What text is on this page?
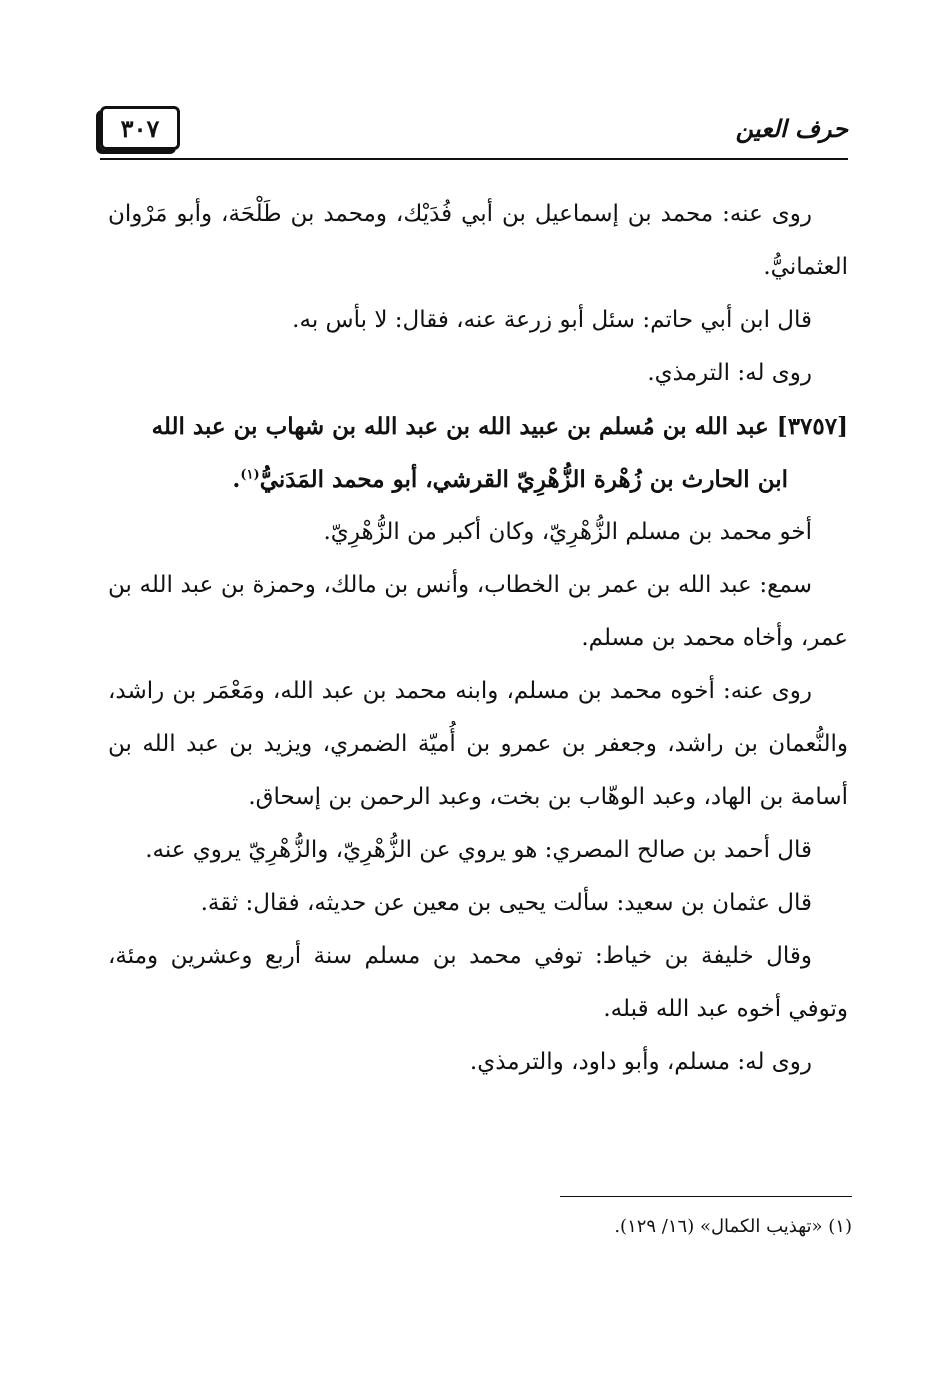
٣٠٧	حرف العين

روى عنه: محمد بن إسماعيل بن أبي فُدَيْك، ومحمد بن طَلْحَة، وأبو مَرْوان العثمانيُّ.

قال ابن أبي حاتم: سئل أبو زرعة عنه، فقال: لا بأس به.

روى له: الترمذي.

[٣٧٥٧] عبد الله بن مُسلم بن عبيد الله بن عبد الله بن شهاب بن عبد الله
ابن الحارث بن زُهْرة الزُّهْرِيّ القرشي، أبو محمد المَدَنيُّ$^{(١)}$.

أخو محمد بن مسلم الزُّهْرِيّ، وكان أكبر من الزُّهْرِيّ.

سمع: عبد الله بن عمر بن الخطاب، وأنس بن مالك، وحمزة بن عبد الله بن عمر، وأخاه محمد بن مسلم.

روى عنه: أخوه محمد بن مسلم، وابنه محمد بن عبد الله، ومَعْمَر بن راشد، والنُّعمان بن راشد، وجعفر بن عمرو بن أُميّة الضمري، ويزيد بن عبد الله بن أسامة بن الهاد، وعبد الوهّاب بن بخت، وعبد الرحمن بن إسحاق.

قال أحمد بن صالح المصري: هو يروي عن الزُّهْرِيّ، والزُّهْرِيّ يروي عنه.

قال عثمان بن سعيد: سألت يحيى بن معين عن حديثه، فقال: ثقة.

وقال خليفة بن خياط: توفي محمد بن مسلم سنة أربع وعشرين ومئة، وتوفي أخوه عبد الله قبله.

روى له: مسلم، وأبو داود، والترمذي.

(١) «تهذيب الكمال» (١٦/ ١٢٩).
